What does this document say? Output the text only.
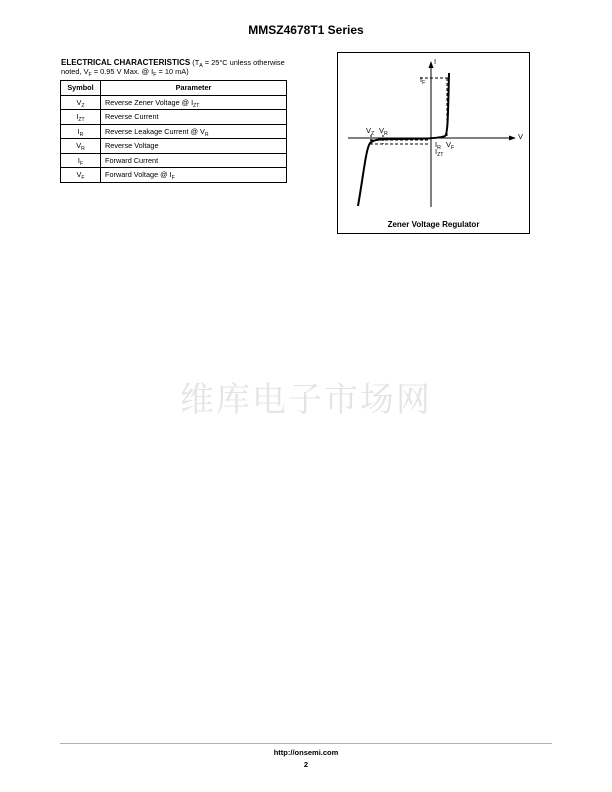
MMSZ4678T1 Series
ELECTRICAL CHARACTERISTICS ($T_A = 25^\circ C$ unless otherwise noted, $V_F = 0.95$ V Max. @ $I_F = 10$ mA)
Symbol	Parameter
$V_Z$	Reverse Zener Voltage @ $I_{ZT}$
$I_{ZT}$	Reverse Current
$I_R$	Reverse Leakage Current @ $V_R$
$V_R$	Reverse Voltage
$I_F$	Forward Current
$V_F$	Forward Voltage @ $I_F$
I
V
$I_F$
$V_Z$ $V_R$
$I_R$
$I_{ZT}$
$V_F$
Zener Voltage Regulator
维库电子市场网
http://onsemi.com
2
